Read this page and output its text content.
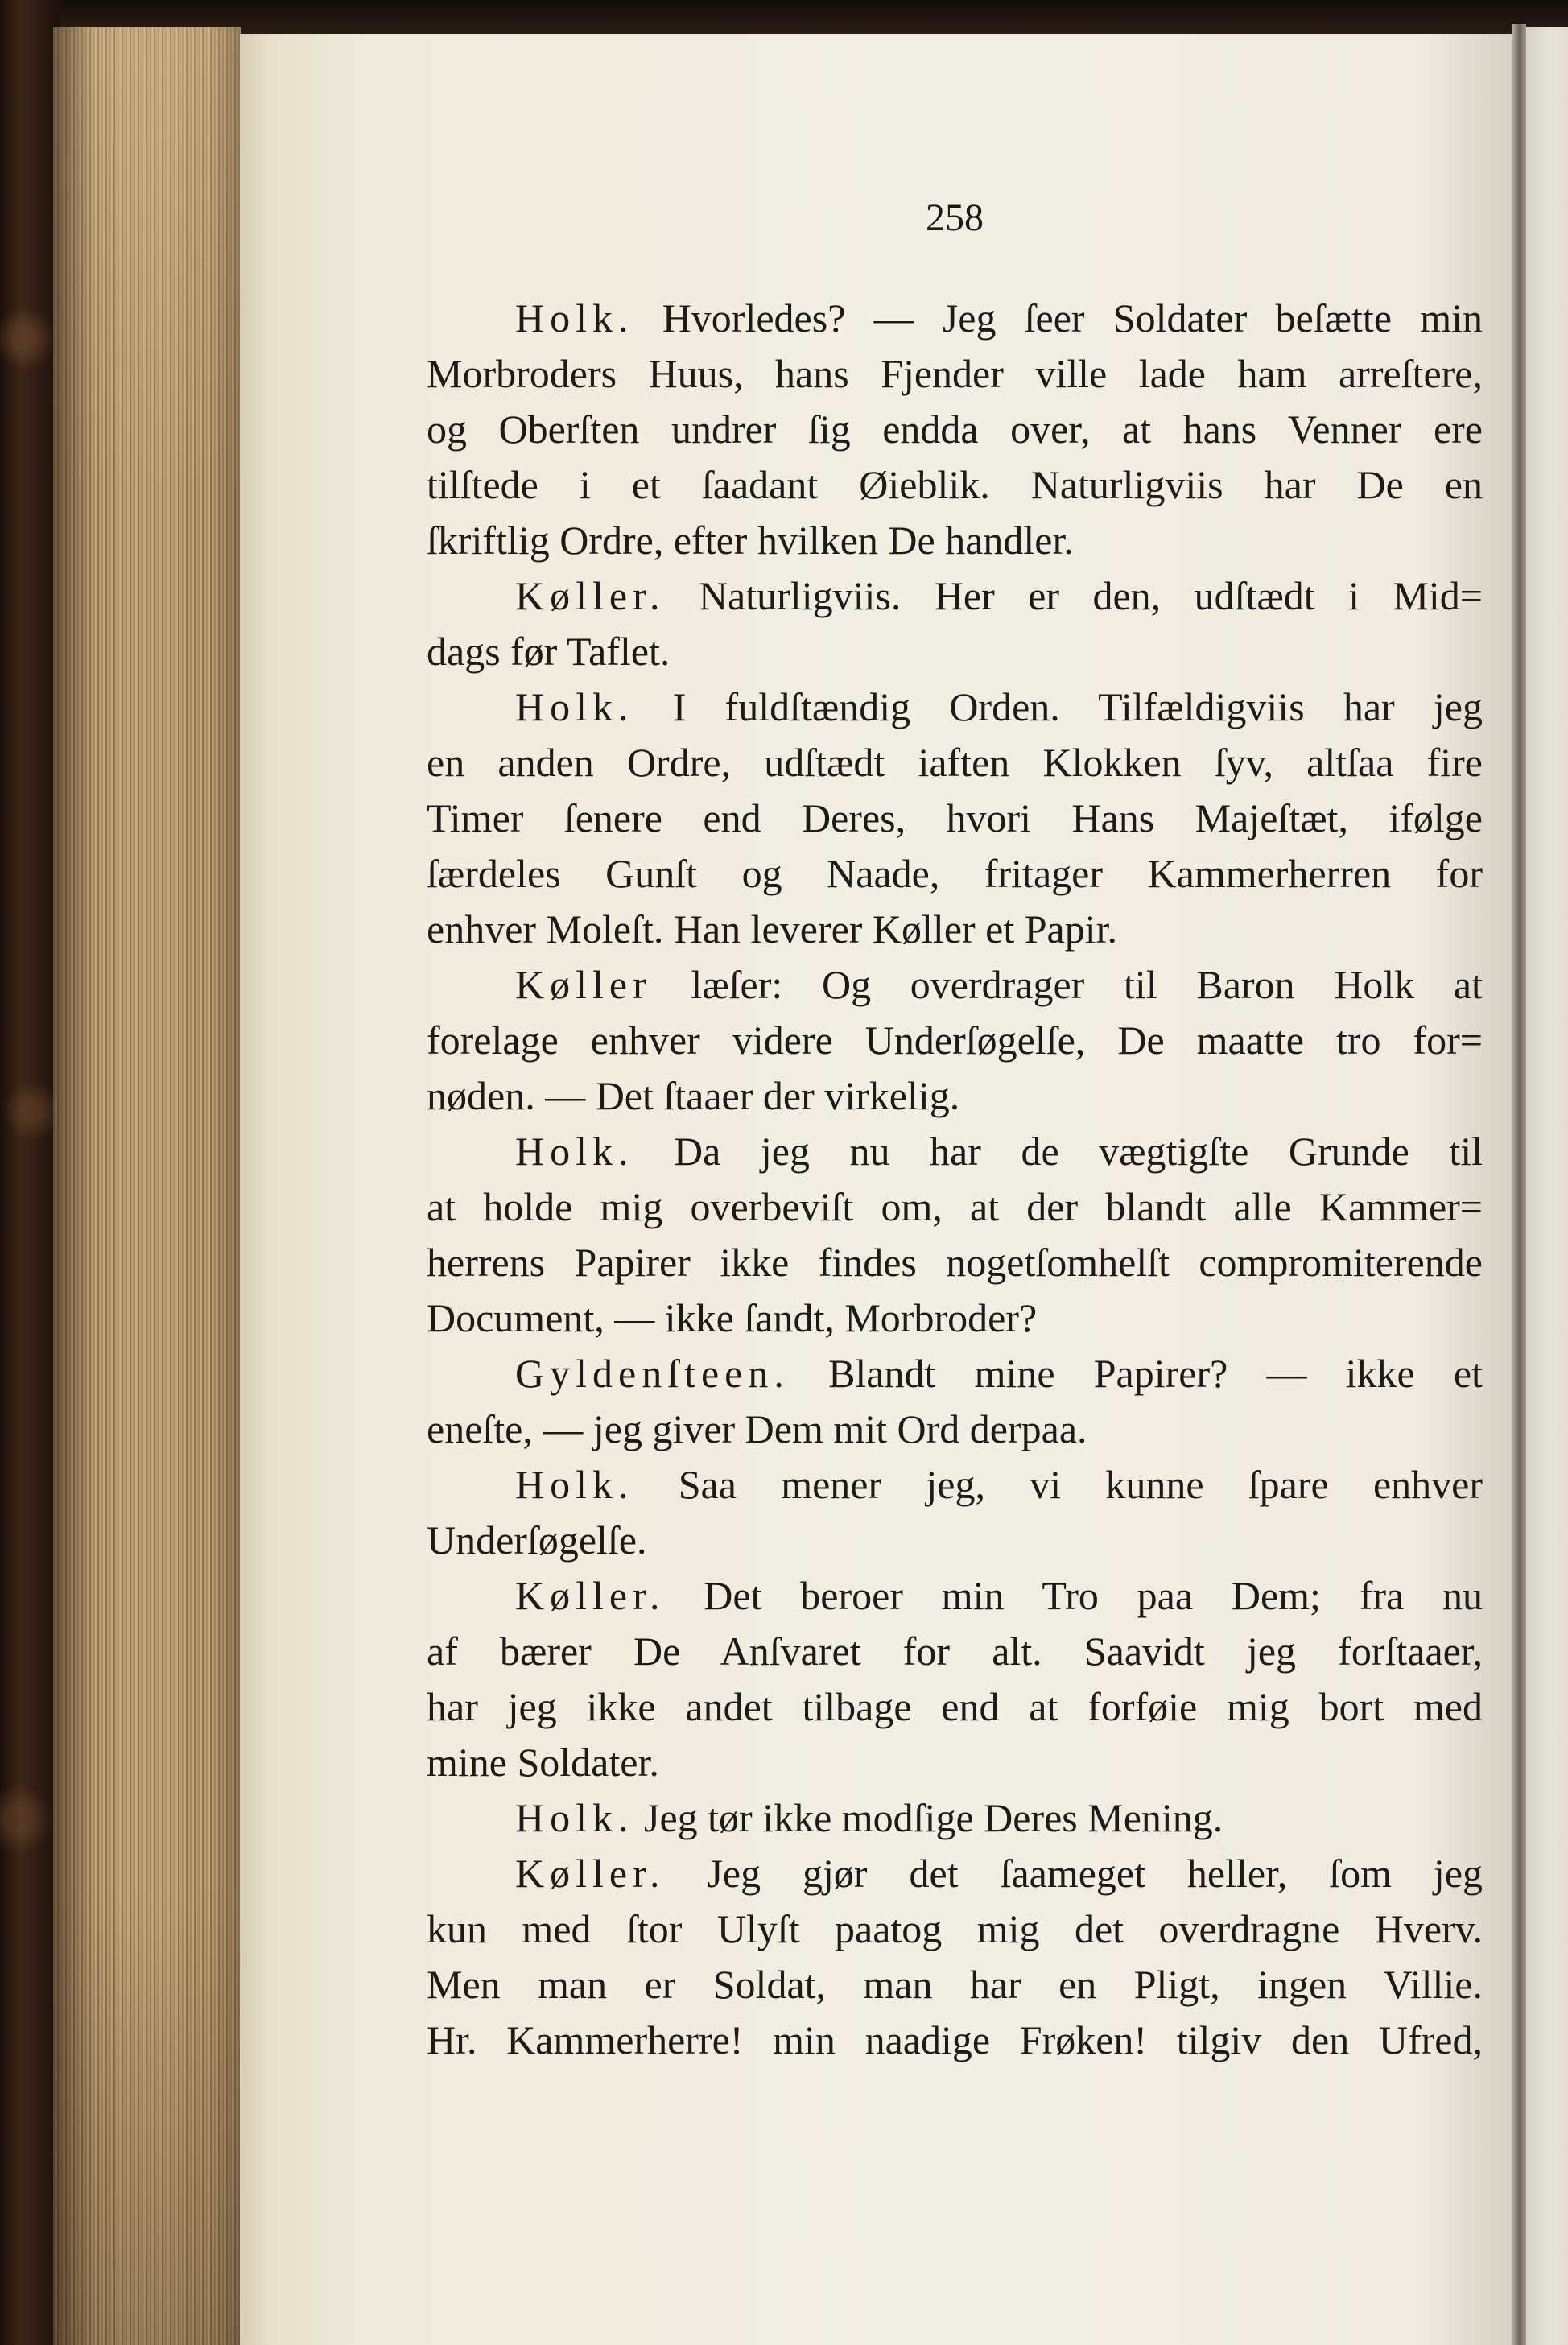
258
Holk. Hvorledes? — Jeg ſeer Soldater beſætte min
Morbroders Huus, hans Fjender ville lade ham arreſtere,
og Oberſten undrer ſig endda over, at hans Venner ere
tilſtede i et ſaadant Øieblik. Naturligviis har De en
ſkriftlig Ordre, efter hvilken De handler.
Køller. Naturligviis. Her er den, udſtædt i Mid=
dags før Taflet.
Holk. I fuldſtændig Orden. Tilfældigviis har jeg
en anden Ordre, udſtædt iaften Klokken ſyv, altſaa fire
Timer ſenere end Deres, hvori Hans Majeſtæt, ifølge
ſærdeles Gunſt og Naade, fritager Kammerherren for
enhver Moleſt. Han leverer Køller et Papir.
Køller læſer: Og overdrager til Baron Holk at
forelage enhver videre Underſøgelſe, De maatte tro for=
nøden. — Det ſtaaer der virkelig.
Holk. Da jeg nu har de vægtigſte Grunde til
at holde mig overbeviſt om, at der blandt alle Kammer=
herrens Papirer ikke findes nogetſomhelſt compromiterende
Document, — ikke ſandt, Morbroder?
Gyldenſteen. Blandt mine Papirer? — ikke et
eneſte, — jeg giver Dem mit Ord derpaa.
Holk. Saa mener jeg, vi kunne ſpare enhver
Underſøgelſe.
Køller. Det beroer min Tro paa Dem; fra nu
af bærer De Anſvaret for alt. Saavidt jeg forſtaaer,
har jeg ikke andet tilbage end at forføie mig bort med
mine Soldater.
Holk. Jeg tør ikke modſige Deres Mening.
Køller. Jeg gjør det ſaameget heller, ſom jeg
kun med ſtor Ulyſt paatog mig det overdragne Hverv.
Men man er Soldat, man har en Pligt, ingen Villie.
Hr. Kammerherre! min naadige Frøken! tilgiv den Ufred,
